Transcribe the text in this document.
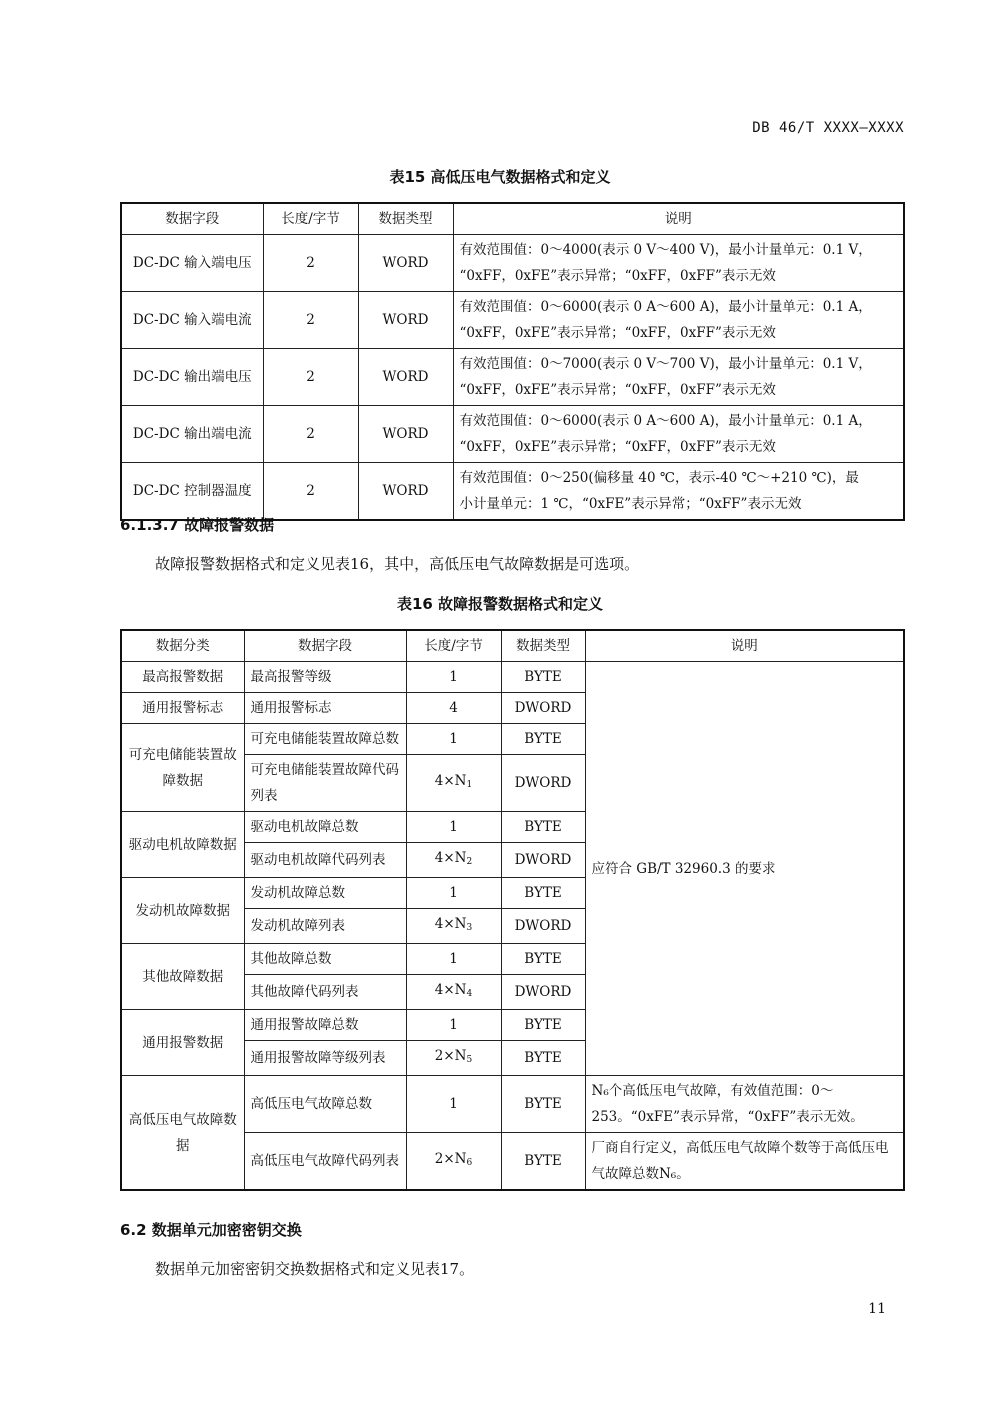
DB 46/T XXXX—XXXX
表15 高低压电气数据格式和定义
数据字段	长度/字节	数据类型	说明
DC-DC 输入端电压	2	WORD	有效范围值：0～4000(表示 0 V～400 V)，最小计量单元：0.1 V，
“0xFF，0xFE”表示异常；“0xFF，0xFF”表示无效

DC-DC 输入端电流	2	WORD	有效范围值：0～6000(表示 0 A～600 A)，最小计量单元：0.1 A，
“0xFF，0xFE”表示异常；“0xFF，0xFF”表示无效

DC-DC 输出端电压	2	WORD	有效范围值：0～7000(表示 0 V～700 V)，最小计量单元：0.1 V，
“0xFF，0xFE”表示异常；“0xFF，0xFF”表示无效

DC-DC 输出端电流	2	WORD	有效范围值：0～6000(表示 0 A～600 A)，最小计量单元：0.1 A，
“0xFF，0xFE”表示异常；“0xFF，0xFF”表示无效

DC-DC 控制器温度	2	WORD	有效范围值：0～250(偏移量 40 ℃，表示-40 ℃～+210 ℃)，最
小计量单元：1 ℃，“0xFE”表示异常；“0xFF”表示无效
6.1.3.7 故障报警数据
故障报警数据格式和定义见表16，其中，高低压电气故障数据是可选项。
表16 故障报警数据格式和定义
数据分类	数据字段	长度/字节	数据类型	说明
最高报警数据	最高报警等级	1	BYTE	应符合 GB/T 32960.3 的要求
通用报警标志	通用报警标志	4	DWORD	
可充电储能装置故障数据	可充电储能装置故障总数	1	BYTE	
	可充电储能装置故障代码列表	$4\times N_1$	DWORD	
驱动电机故障数据	驱动电机故障总数	1	BYTE	
	驱动电机故障代码列表	$4\times N_2$	DWORD	
发动机故障数据	发动机故障总数	1	BYTE	
	发动机故障列表	$4\times N_3$	DWORD	
其他故障数据	其他故障总数	1	BYTE	
	其他故障代码列表	$4\times N_4$	DWORD	
通用报警数据	通用报警故障总数	1	BYTE	
	通用报警故障等级列表	$2\times N_5$	BYTE	
高低压电气故障数据	高低压电气故障总数	1	BYTE	N₆个高低压电气故障，有效值范围：0～253。“0xFE”表示异常，“0xFF”表示无效。
	高低压电气故障代码列表	$2\times N_6$	BYTE	厂商自行定义，高低压电气故障个数等于高低压电气故障总数N₆。
6.2 数据单元加密密钥交换
数据单元加密密钥交换数据格式和定义见表17。
11
